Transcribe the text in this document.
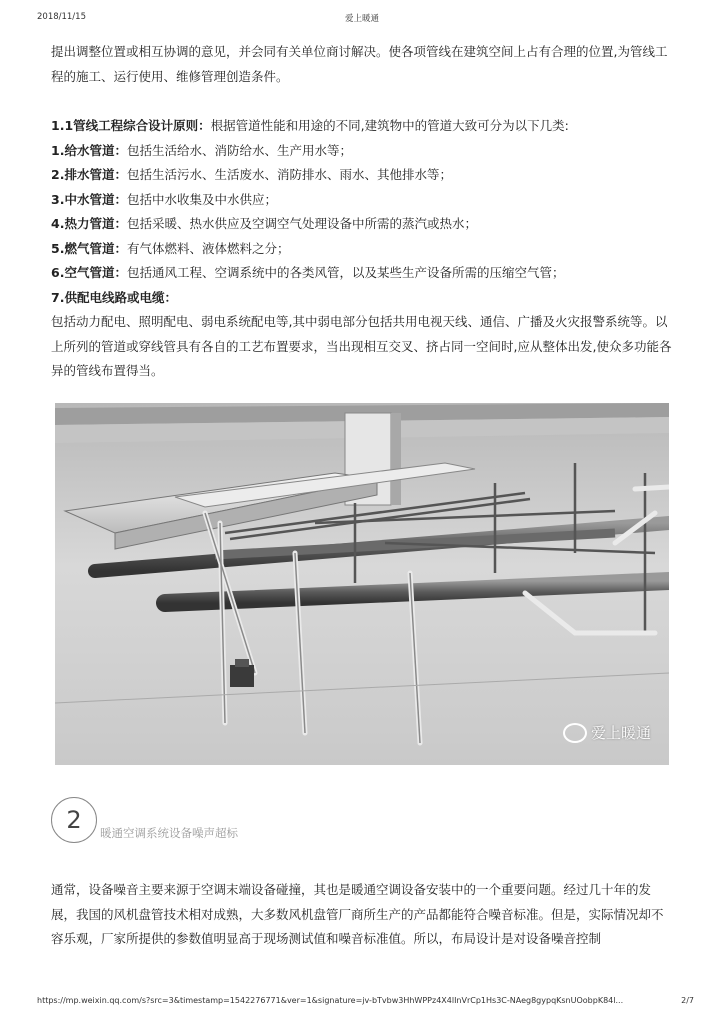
2018/11/15	爱上暖通

提出调整位置或相互协调的意见，并会同有关单位商讨解决。使各项管线在建筑空间上占有合理的位置,为管线工程的施工、运行使用、维修管理创造条件。

1.1管线工程综合设计原则：根据管道性能和用途的不同,建筑物中的管道大致可分为以下几类:

1.给水管道：包括生活给水、消防给水、生产用水等；

2.排水管道：包括生活污水、生活废水、消防排水、雨水、其他排水等；

3.中水管道：包括中水收集及中水供应；

4.热力管道：包括采暖、热水供应及空调空气处理设备中所需的蒸汽或热水；

5.燃气管道：有气体燃料、液体燃料之分；

6.空气管道：包括通风工程、空调系统中的各类风管，以及某些生产设备所需的压缩空气管；

7.供配电线路或电缆：

包括动力配电、照明配电、弱电系统配电等,其中弱电部分包括共用电视天线、通信、广播及火灾报警系统等。以上所列的管道或穿线管具有各自的工艺布置要求，当出现相互交叉、挤占同一空间时,应从整体出发,使众多功能各异的管线布置得当。

爱上暖通
2 暖通空调系统设备噪声超标

通常，设备噪音主要来源于空调末端设备碰撞，其也是暖通空调设备安装中的一个重要问题。经过几十年的发展，我国的风机盘管技术相对成熟，大多数风机盘管厂商所生产的产品都能符合噪音标准。但是，实际情况却不容乐观，厂家所提供的参数值明显高于现场测试值和噪音标准值。所以，布局设计是对设备噪音控制

https://mp.weixin.qq.com/s?src=3&timestamp=1542276771&ver=1&signature=jv-bTvbw3HhWPPz4X4lInVrCp1Hs3C-NAeg8gypqKsnUOobpK84l...	2/7
